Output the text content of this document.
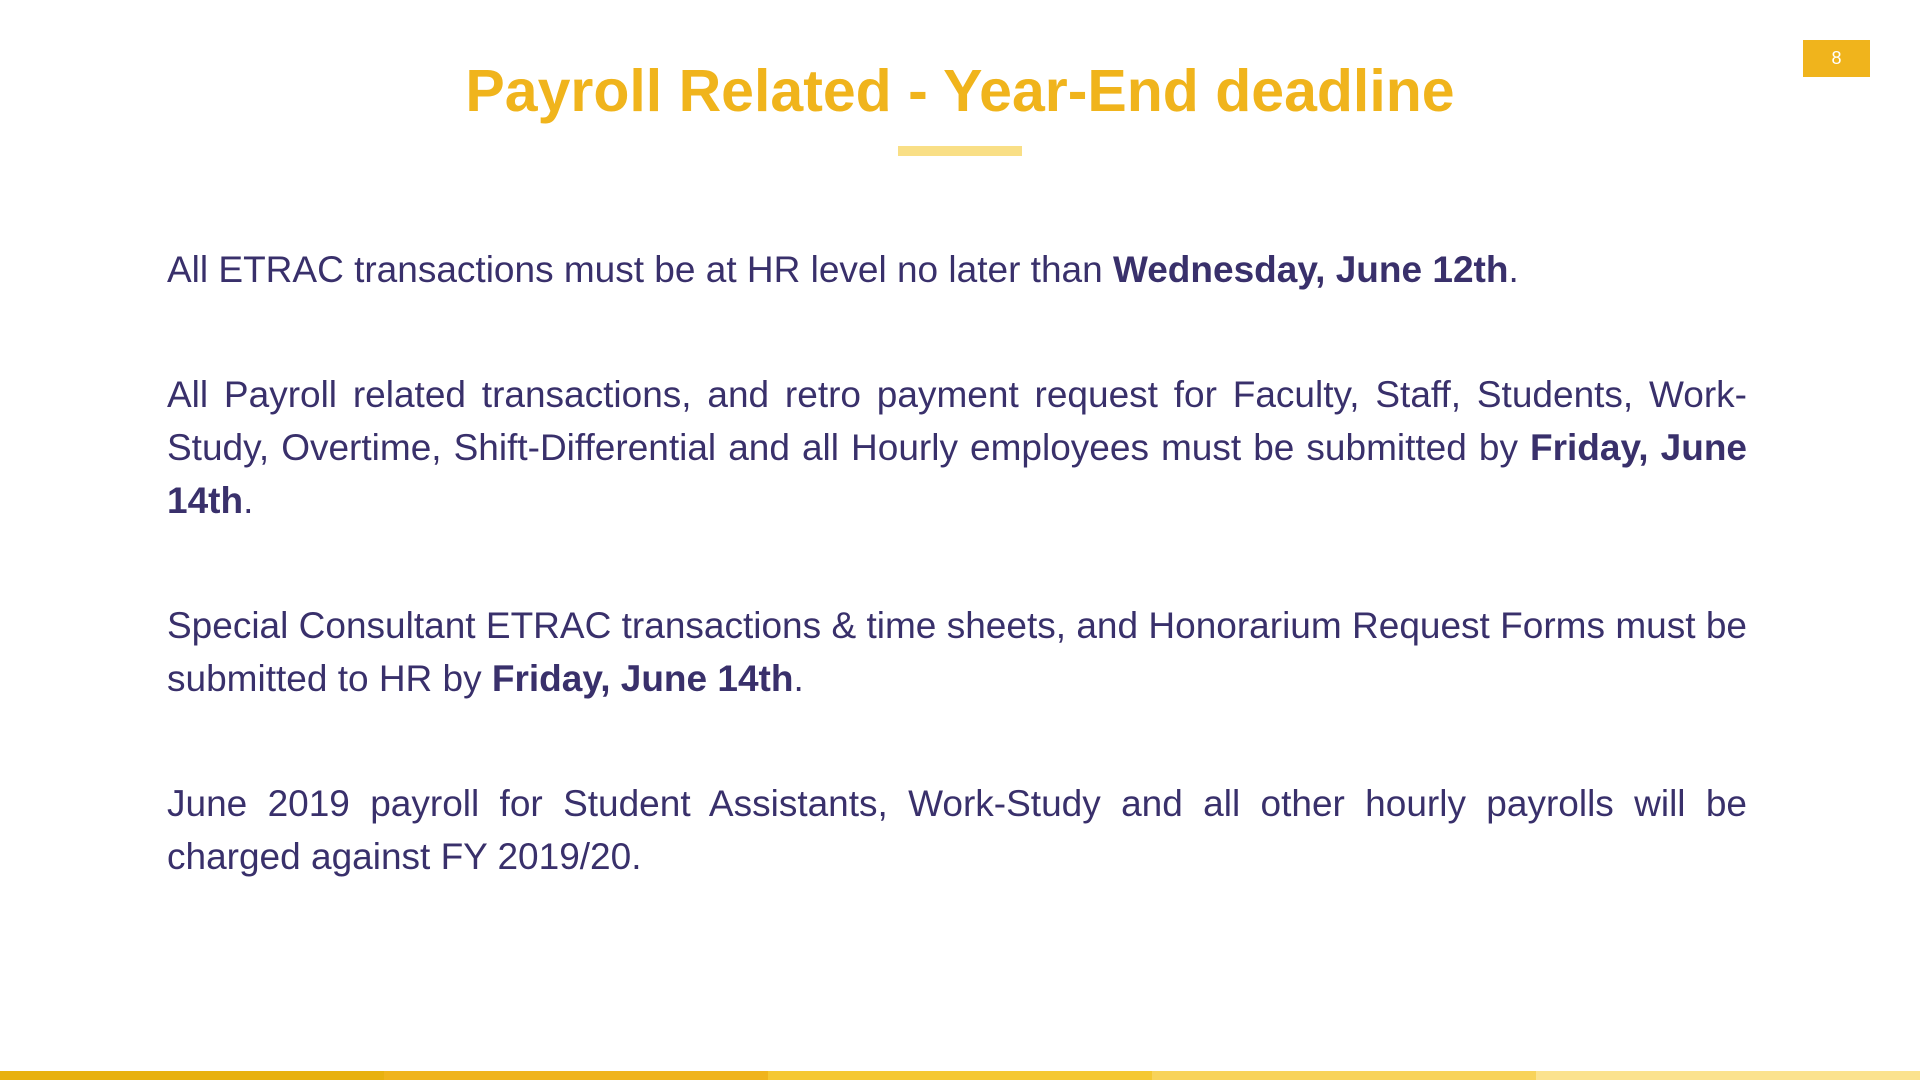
8
Payroll Related - Year-End deadline

All ETRAC transactions must be at HR level no later than Wednesday, June 12th.

All Payroll related transactions, and retro payment request for Faculty, Staff, Students, Work-Study, Overtime, Shift-Differential and all Hourly employees must be submitted by Friday, June 14th.

Special Consultant ETRAC transactions & time sheets, and Honorarium Request Forms must be submitted to HR by Friday, June 14th.

June 2019 payroll for Student Assistants, Work-Study and all other hourly payrolls will be charged against FY 2019/20.
